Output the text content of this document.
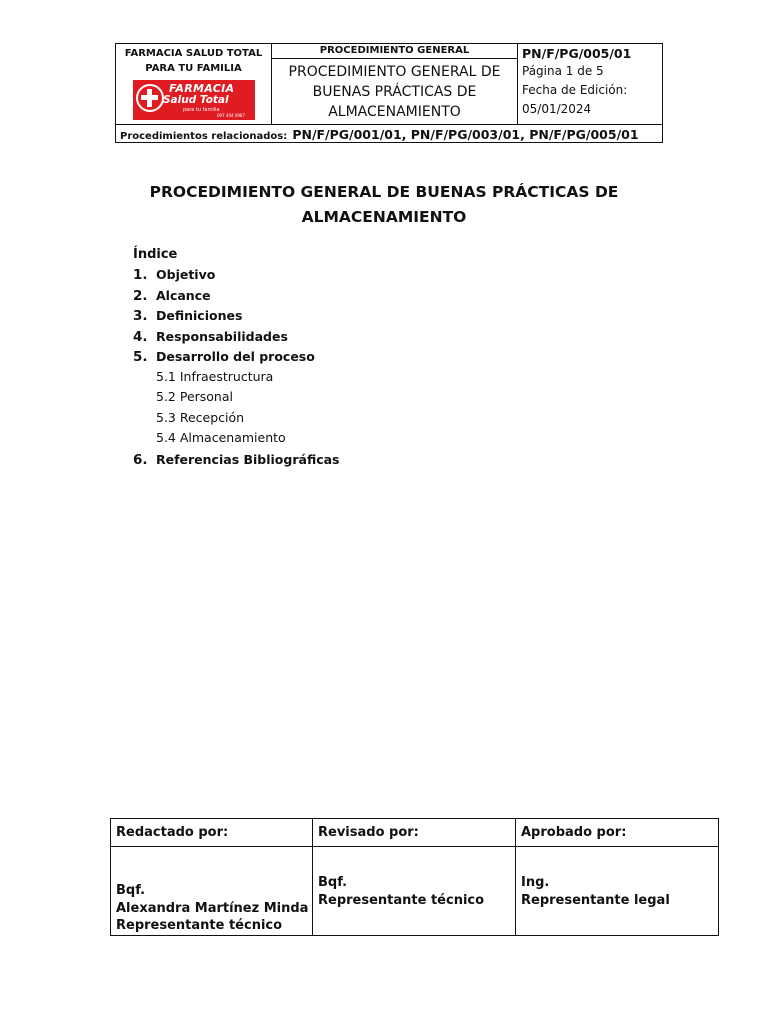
FARMACIA SALUD TOTAL
PARA TU FAMILIA
FARMACIA
Salud Total
para tu familia
097 404 0987
PROCEDIMIENTO GENERAL
PROCEDIMIENTO GENERAL DE
BUENAS PRÁCTICAS DE
ALMACENAMIENTO
PN/F/PG/005/01
Página 1 de 5
Fecha de Edición:
05/01/2024
Procedimientos relacionados: PN/F/PG/001/01, PN/F/PG/003/01, PN/F/PG/005/01
PROCEDIMIENTO GENERAL DE BUENAS PRÁCTICAS DE
ALMACENAMIENTO
Índice
1. Objetivo
2. Alcance
3. Definiciones
4. Responsabilidades
5. Desarrollo del proceso
5.1 Infraestructura
5.2 Personal
5.3 Recepción
5.4 Almacenamiento
6. Referencias Bibliográficas
Redactado por:
Bqf.
Alexandra Martínez Minda
Representante técnico
Revisado por:
Bqf.
Representante técnico
Aprobado por:
Ing.
Representante legal
